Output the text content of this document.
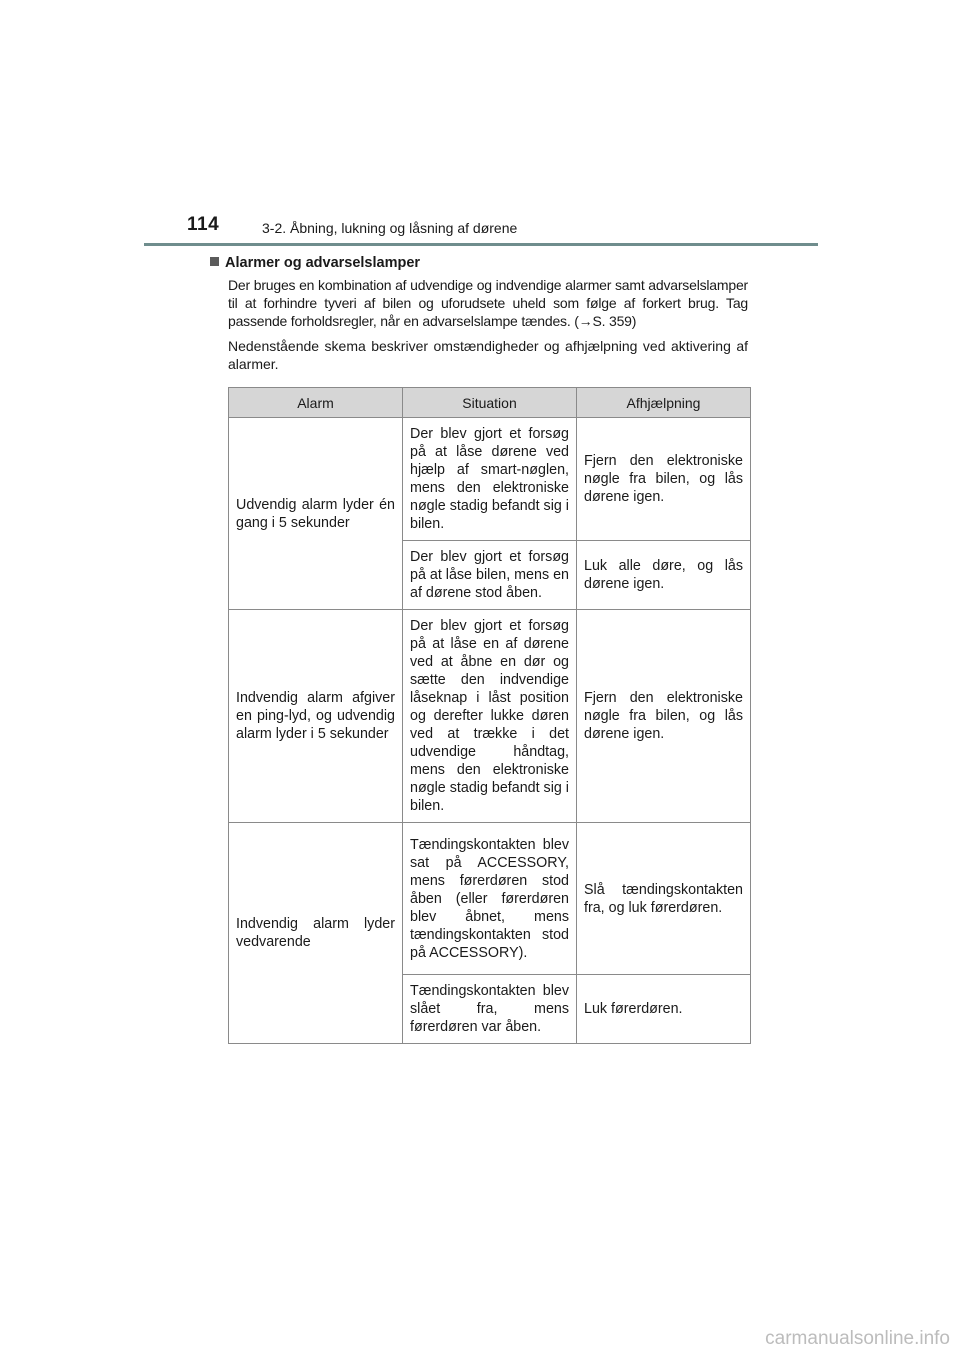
114	3-2. Åbning, lukning og låsning af dørene

Alarmer og advarselslamper

Der bruges en kombination af udvendige og indvendige alarmer samt advarselslamper til at forhindre tyveri af bilen og uforudsete uheld som følge af forkert brug. Tag passende forholdsregler, når en advarselslampe tændes. (→S. 359)

Nedenstående skema beskriver omstændigheder og afhjælpning ved aktivering af alarmer.

Alarm	Situation	Afhjælpning
Udvendig alarm lyder én gang i 5 sekunder	Der blev gjort et forsøg på at låse dørene ved hjælp af smart-nøglen, mens den elektroniske nøgle stadig befandt sig i bilen.	Fjern den elektroniske nøgle fra bilen, og lås dørene igen.
	Der blev gjort et forsøg på at låse bilen, mens en af dørene stod åben.	Luk alle døre, og lås dørene igen.
Indvendig alarm afgiver en ping-lyd, og udvendig alarm lyder i 5 sekunder	Der blev gjort et forsøg på at låse en af dørene ved at åbne en dør og sætte den indvendige låseknap i låst position og derefter lukke døren ved at trække i det udvendige håndtag, mens den elektroniske nøgle stadig befandt sig i bilen.	Fjern den elektroniske nøgle fra bilen, og lås dørene igen.
Indvendig alarm lyder vedvarende	Tændingskontakten blev sat på ACCESSORY, mens førerdøren stod åben (eller førerdøren blev åbnet, mens tændingskontakten stod på ACCESSORY).	Slå tændingskontakten fra, og luk førerdøren.
	Tændingskontakten blev slået fra, mens førerdøren var åben.	Luk førerdøren.
carmanualsonline.info
